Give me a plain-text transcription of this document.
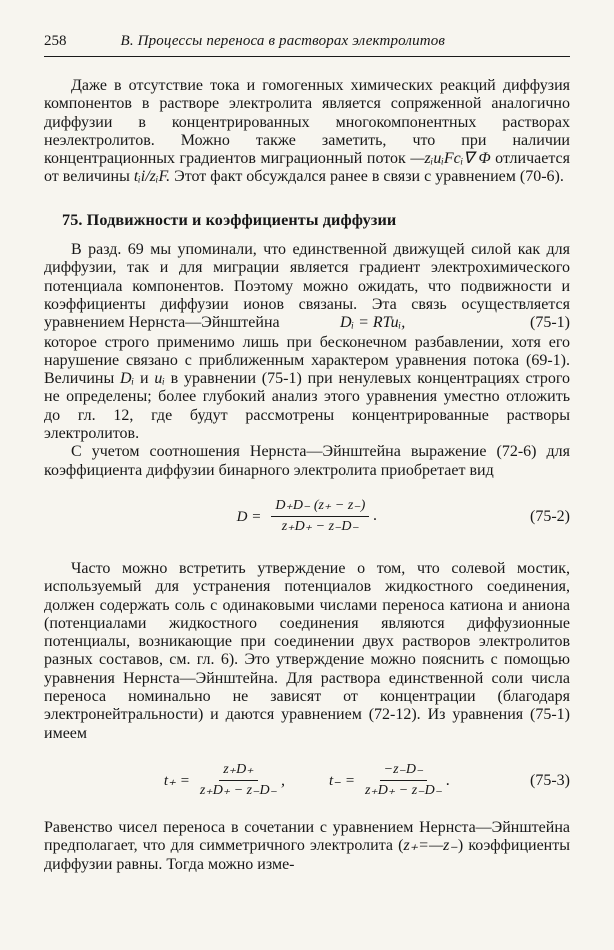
258	В. Процессы переноса в растворах электролитов

Даже в отсутствие тока и гомогенных химических реакций диффузия компонентов в растворе электролита является сопряженной аналогично диффузии в концентрированных многокомпонентных растворах неэлектролитов. Можно также заметить, что при наличии концентрационных градиентов миграционный поток —zᵢuᵢFcᵢ∇ Φ отличается от величины tᵢi/zᵢF. Этот факт обсуждался ранее в связи с уравнением (70-6).

75. Подвижности и коэффициенты диффузии

В разд. 69 мы упоминали, что единственной движущей силой как для диффузии, так и для миграции является градиент электрохимического потенциала компонентов. Поэтому можно ожидать, что подвижности и коэффициенты диффузии ионов связаны. Эта связь осуществляется уравнением Нернста—Эйнштейна	Dᵢ = RTuᵢ,	(75-1)

которое строго применимо лишь при бесконечном разбавлении, хотя его нарушение связано с приближенным характером уравнения потока (69-1). Величины Dᵢ и uᵢ в уравнении (75-1) при ненулевых концентрациях строго не определены; более глубокий анализ этого уравнения уместно отложить до гл. 12, где будут рассмотрены концентрированные растворы электролитов.

С учетом соотношения Нернста—Эйнштейна выражение (72-6) для коэффициента диффузии бинарного электролита приобретает вид

$D = \frac{D_+D_- (z_+ - z_-)}{z_+D_+ - z_-D_-}$ .	(75-2)

Часто можно встретить утверждение о том, что солевой мостик, используемый для устранения потенциалов жидкостного соединения, должен содержать соль с одинаковыми числами переноса катиона и аниона (потенциалами жидкостного соединения являются диффузионные потенциалы, возникающие при соединении двух растворов электролитов разных составов, см. гл. 6). Это утверждение можно пояснить с помощью уравнения Нернста—Эйнштейна. Для раствора единственной соли числа переноса номинально не зависят от концентрации (благодаря электронейтральности) и даются уравнением (72-12). Из уравнения (75-1) имеем

$t_+ = \frac{z_+D_+}{z_+D_+ - z_-D_-}$ ,
	$t_- = \frac{-z_-D_-}{z_+D_+ - z_-D_-}$ .	(75-3)

Равенство чисел переноса в сочетании с уравнением Нернста—Эйнштейна предполагает, что для симметричного электролита (z₊=—z₋) коэффициенты диффузии равны. Тогда можно изме-
